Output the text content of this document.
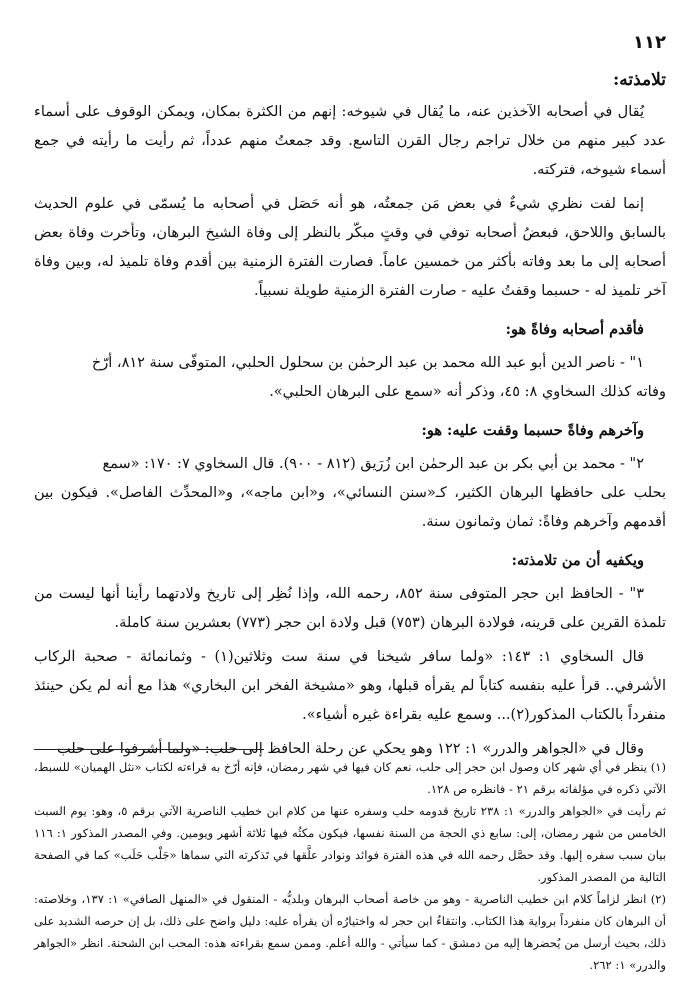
١١٢
تلامذته:

يُقال في أصحابه الآخذين عنه، ما يُقال في شيوخه: إنهم من الكثرة بمكان، ويمكن الوقوف على أسماء عدد كبير منهم من خلال تراجم رجال القرن التاسع. وقد جمعتُ منهم عدداً، ثم رأيت ما رأيته في جمع أسماء شيوخه، فتركته.

إنما لفت نظري شيءٌ في بعض مَن جمعتُه، هو أنه حَصَل في أصحابه ما يُسمّى في علوم الحديث بالسابق واللاحق، فبعضُ أصحابه توفي في وقتٍ مبكّر بالنظر إلى وفاة الشيخ البرهان، وتأخرت وفاة بعض أصحابه إلى ما بعد وفاته بأكثر من خمسين عاماً. فصارت الفترة الزمنية بين أقدم وفاة تلميذ له، وبين وفاة آخر تلميذ له - حسبما وقفتُ عليه - صارت الفترة الزمنية طويلة نسبياً.

فأقدم أصحابه وفاةً هو:

١" - ناصر الدين أبو عبد الله محمد بن عبد الرحمٰن بن سحلول الحلبي، المتوفّى سنة ٨١٢، أرّخ

وفاته كذلك السخاوي ٨: ٤٥، وذكر أنه «سمع على البرهان الحلبي».

وآخرهم وفاةً حسبما وقفت عليه: هو:

٢" - محمد بن أبي بكر بن عبد الرحمٰن ابن زُرَيق (٨١٢ - ٩٠٠). قال السخاوي ٧: ١٧٠: «سمع

بحلب على حافظها البرهان الكثير، كـ«سنن النسائي»، و«ابن ماجه»، و«المحدِّث الفاصل». فيكون بين أقدمهم وآخرهم وفاةً: ثمان وثمانون سنة.

ويكفيه أن من تلامذته:

٣" - الحافظ ابن حجر المتوفى سنة ٨٥٢، رحمه الله، وإذا نُظِر إلى تاريخ ولادتهما رأينا أنها ليست من تلمذة القرين على قرينه، فولادة البرهان (٧٥٣) قبل ولادة ابن حجر (٧٧٣) بعشرين سنة كاملة.

قال السخاوي ١: ١٤٣: «ولما سافر شيخنا في سنة ست وثلاثين(١) - وثمانمائة - صحبة الركاب الأشرفي.. قرأ عليه بنفسه كتاباً لم يقرأه قبلها، وهو «مشيخة الفخر ابن البخاري» هذا مع أنه لم يكن حينئذ منفرداً بالكتاب المذكور(٢)... وسمع عليه بقراءة غيره أشياء».

وقال في «الجواهر والدرر» ١: ١٢٢ وهو يحكي عن رحلة الحافظ إلى حلب: «ولما أشرفوا على حلب

(١) ينظر في أي شهر كان وصول ابن حجر إلى حلب، نعم كان فيها في شهر رمضان، فإنه أرّخ به قراءته لكتاب «نثل الهميان» للسبط، الآتي ذكره في مؤلفاته برقم ٢١ - فانظره ص ١٢٨.

ثم رأيت في «الجواهر والدرر» ١: ٢٣٨ تاريخ قدومه حلب وسفره عنها من كلام ابن خطيب الناصرية الآتي برقم ٥، وهو: يوم السبت الخامس من شهر رمضان، إلى: سابع ذي الحجة من السنة نفسها، فيكون مكثُه فيها ثلاثة أشهر ويومين. وفي المصدر المذكور ١: ١١٦ بيان سبب سفره إليها. وقد حصَّل رحمه الله في هذه الفترة فوائد ونوادر علَّقها في تَذكرته التي سماها «جَلْب حَلَب» كما في الصفحة التالية من المصدر المذكور.

(٢) انظر لزاماً كلام ابن خطيب الناصرية - وهو من خاصة أصحاب البرهان وبلديُّه - المنقول في «المنهل الصافي» ١: ١٣٧، وخلاصته: أن البرهان كان منفرداً برواية هذا الكتاب. وانتقاءُ ابن حجر له واختيارُه أن يقرأه عليه: دليل واضح على ذلك، بل إن حرصه الشديد على ذلك، بحيث أرسل من يُحضرها إليه من دمشق - كما سيأتي - والله أعلم. وممن سمع بقراءته هذه: المحب ابن الشحنة. انظر «الجواهر والدرر» ١: ٢٦٢.
